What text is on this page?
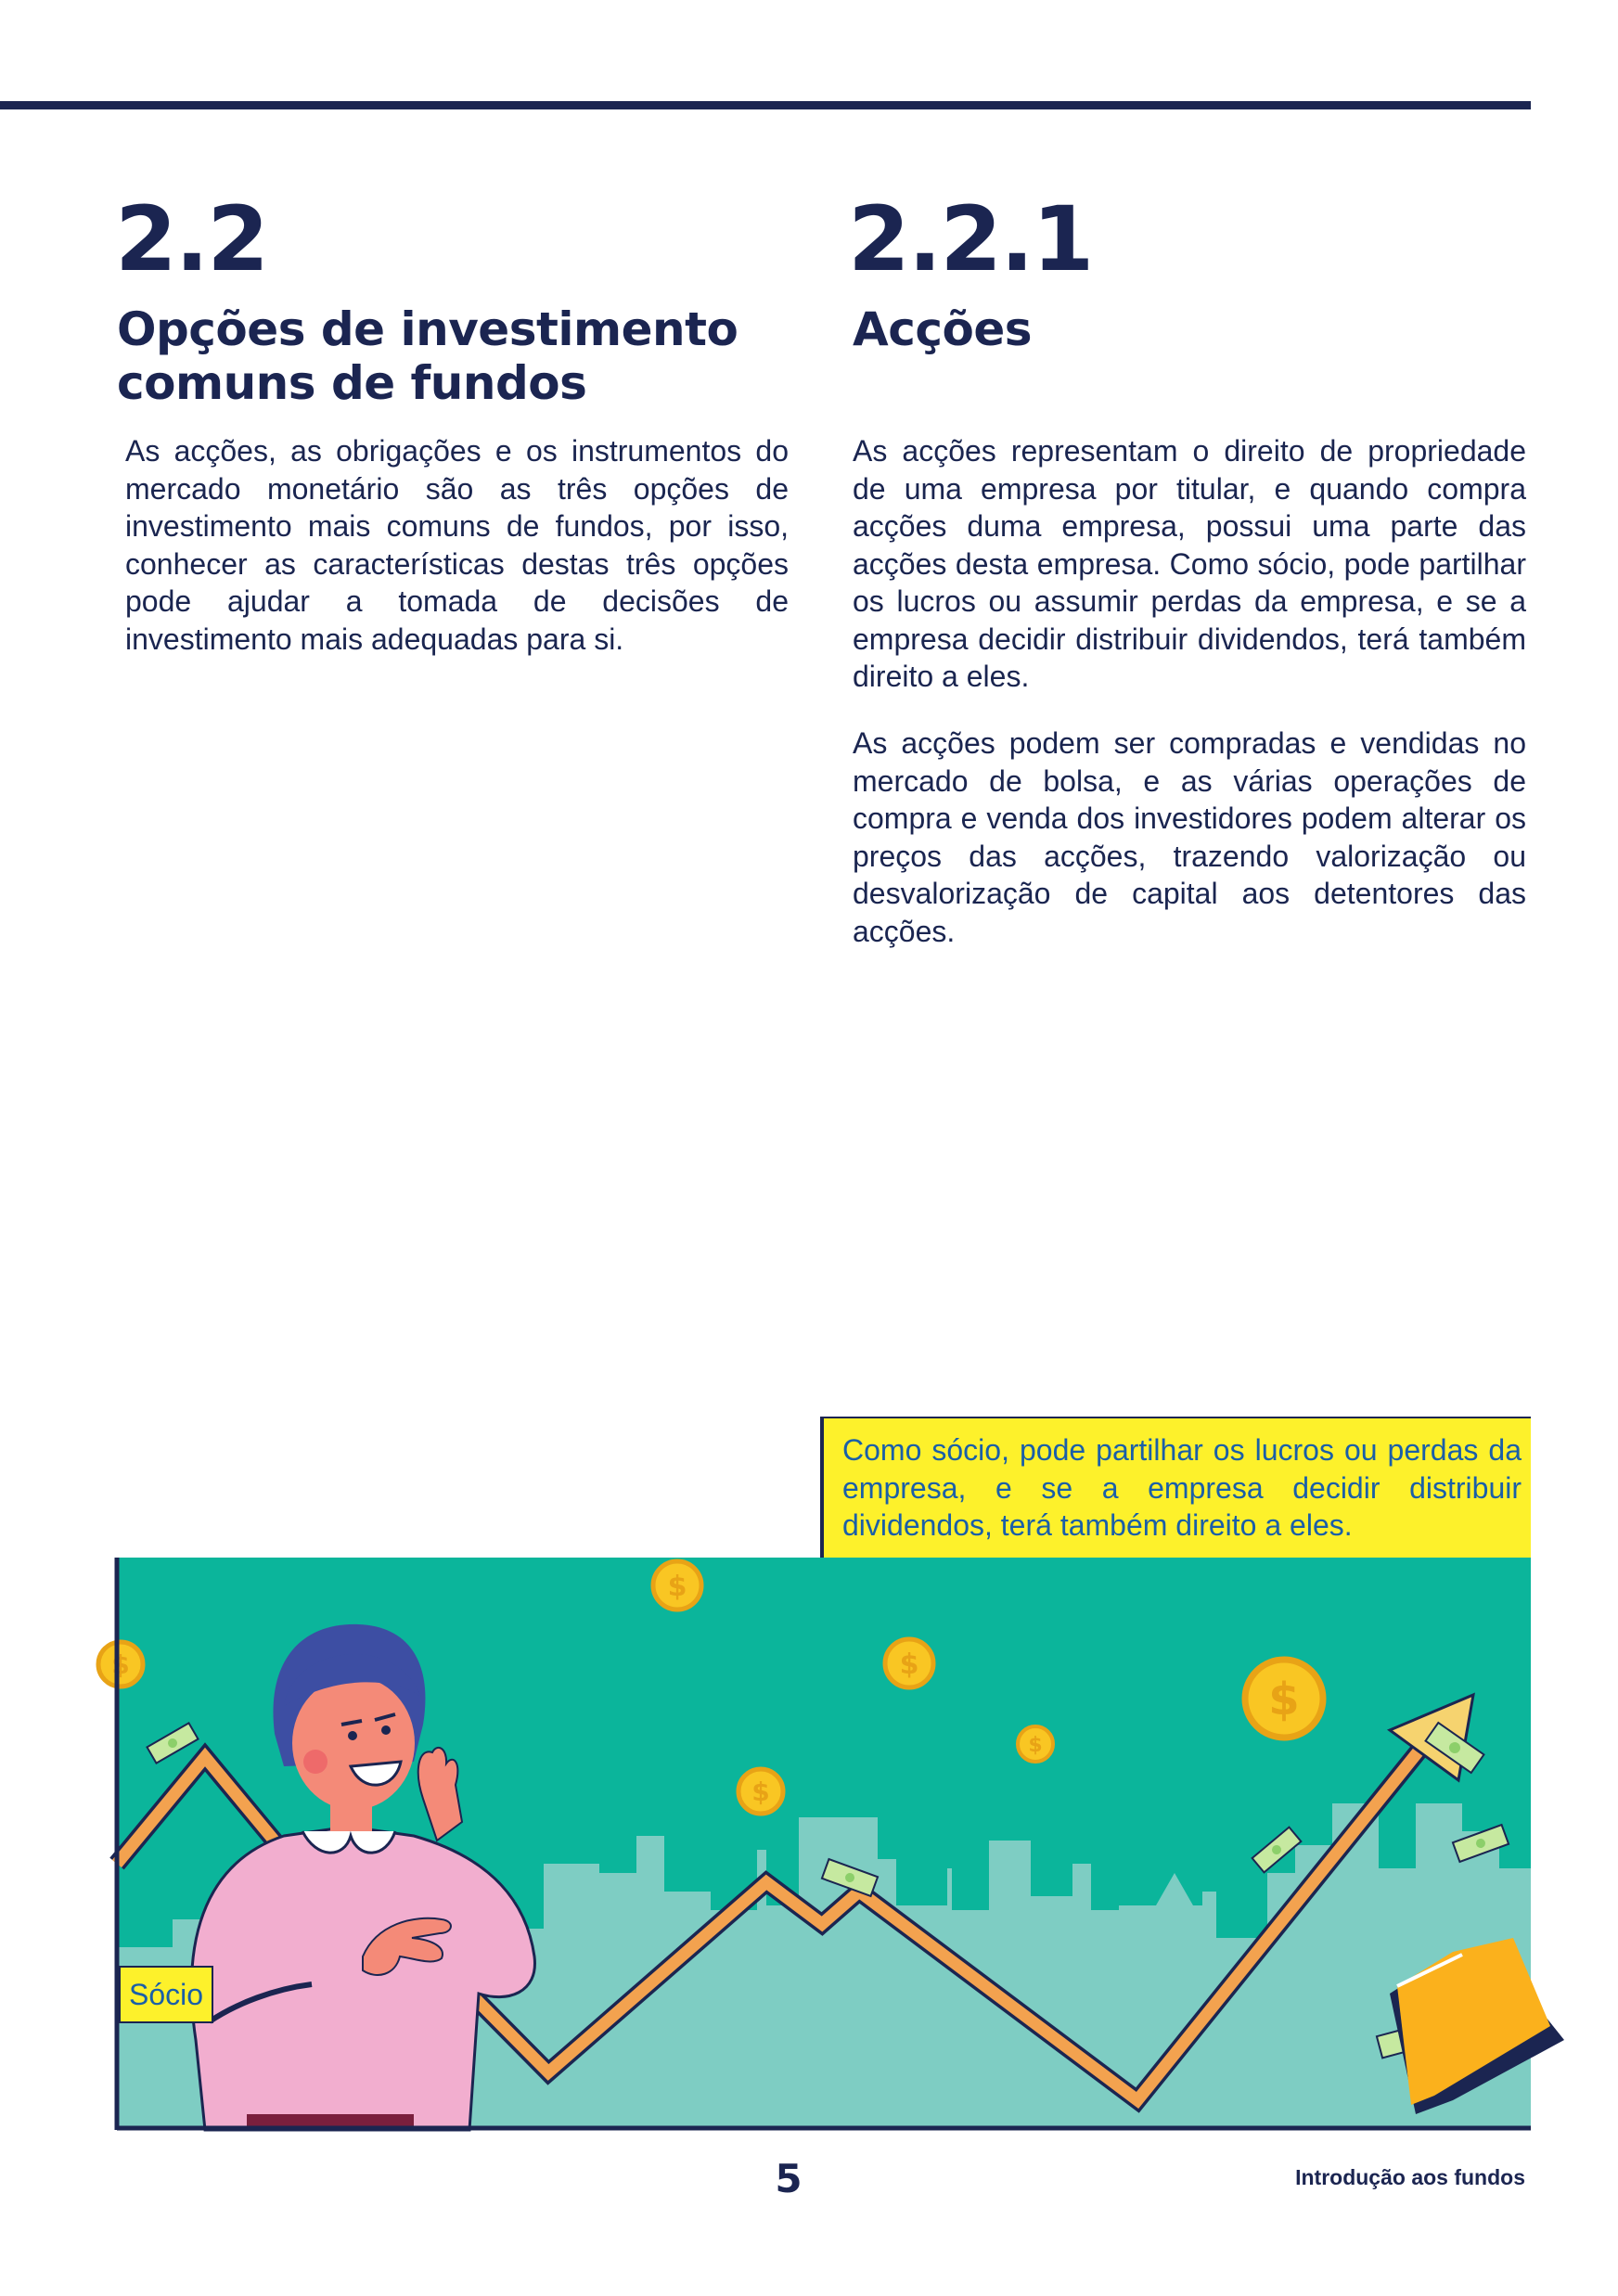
2.2
Opções de investimento
comuns de fundos

As acções, as obrigações e os instrumentos do mercado monetário são as três opções de investimento mais comuns de fundos, por isso, conhecer as características destas três opções pode ajudar a tomada de decisões de investimento mais adequadas para si.

2.2.1
Acções

As acções representam o direito de propriedade de uma empresa por titular, e quando compra acções duma empresa, possui uma parte das acções desta empresa. Como sócio, pode partilhar os lucros ou assumir perdas da empresa, e se a empresa decidir distribuir dividendos, terá também direito a eles.

As acções podem ser compradas e vendidas no mercado de bolsa, e as várias operações de compra e venda dos investidores podem alterar os preços das acções, trazendo valorização ou desvalorização de capital aos detentores das acções.

Como sócio, pode partilhar os lucros ou perdas da empresa, e se a empresa decidir distribuir dividendos, terá também direito a eles.

$
$	$
$
$
$
Sócio
5	Introdução aos fundos
